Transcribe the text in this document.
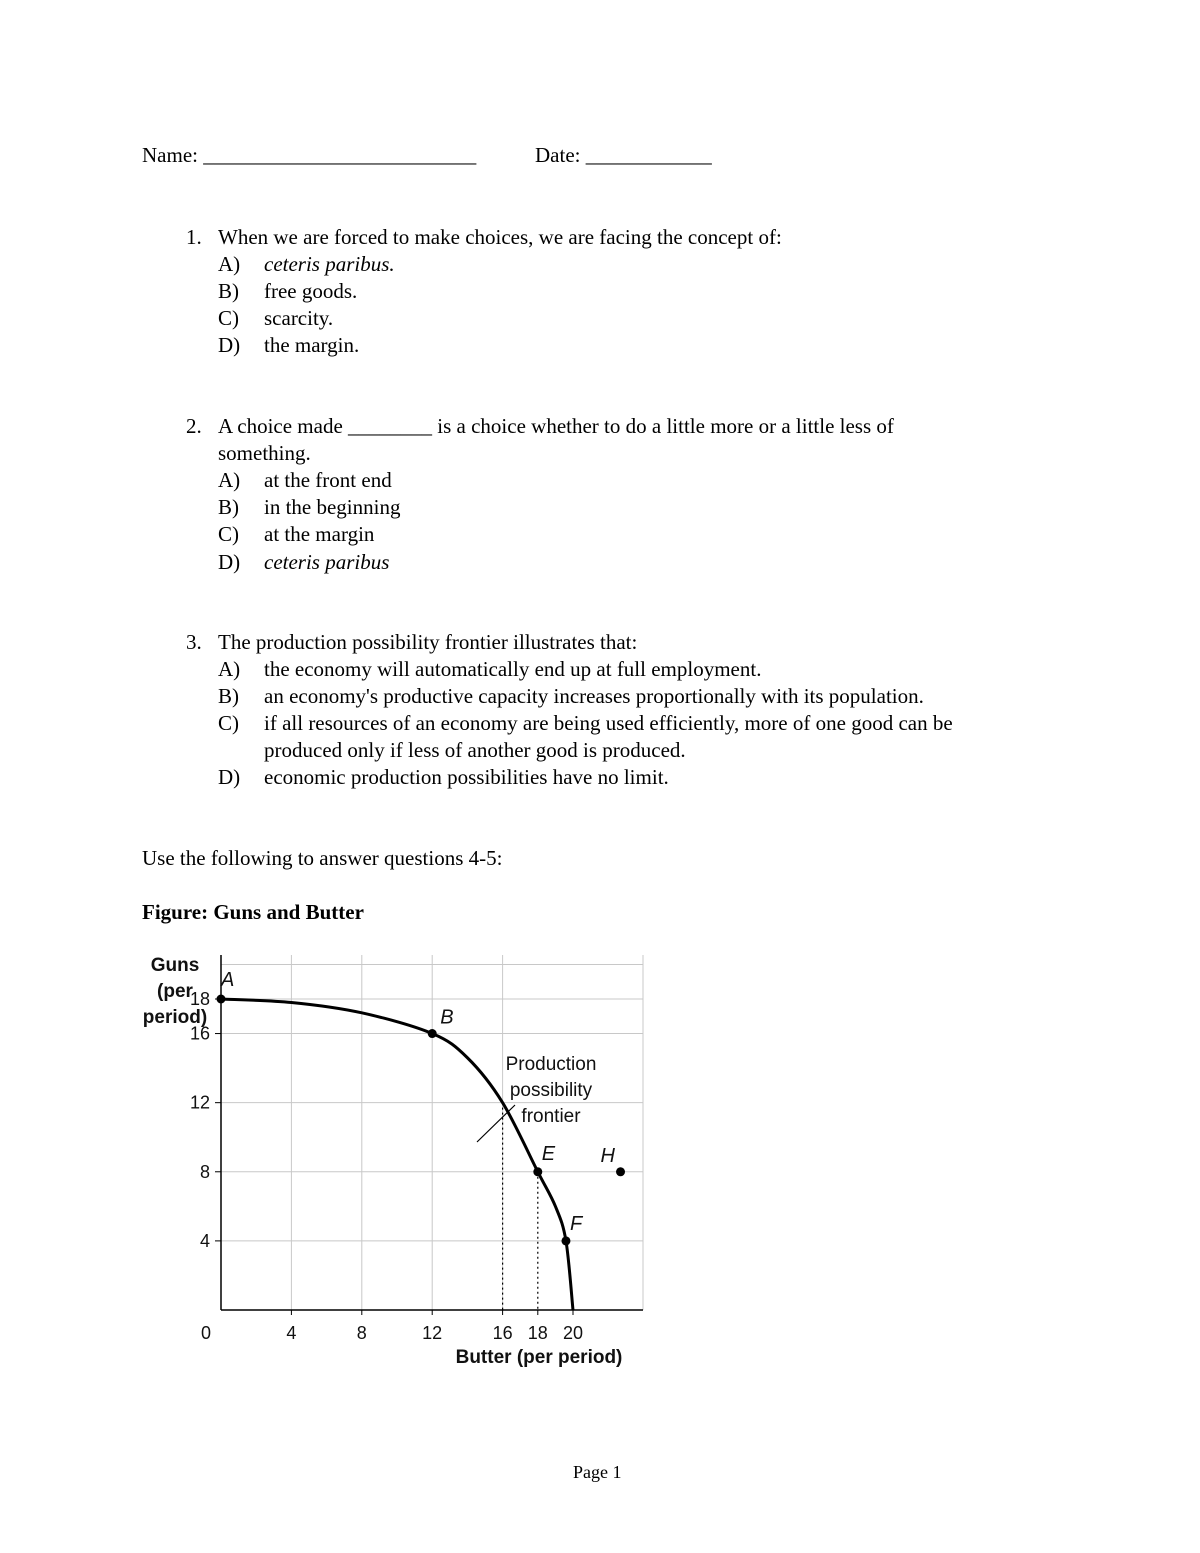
Name: __________________________	Date: ____________
1. When we are forced to make choices, we are facing the concept of:
A) ceteris paribus.
B) free goods.
C) scarcity.
D) the margin.
2. A choice made ________ is a choice whether to do a little more or a little less of
something.
A) at the front end
B) in the beginning
C) at the margin
D) ceteris paribus
3. The production possibility frontier illustrates that:
A) the economy will automatically end up at full employment.
B) an economy's productive capacity increases proportionally with its population.
C) if all resources of an economy are being used efficiently, more of one good can be
produced only if less of another good is produced.
D) economic production possibilities have no limit.
Use the following to answer questions 4-5:
Figure: Guns and Butter
4
8
12
16
18
4	8	12	16 18 20
0
Guns
(per
period)
Butter (per period)
A
B
E
F
H
Production
possibility
frontier
Page 1
